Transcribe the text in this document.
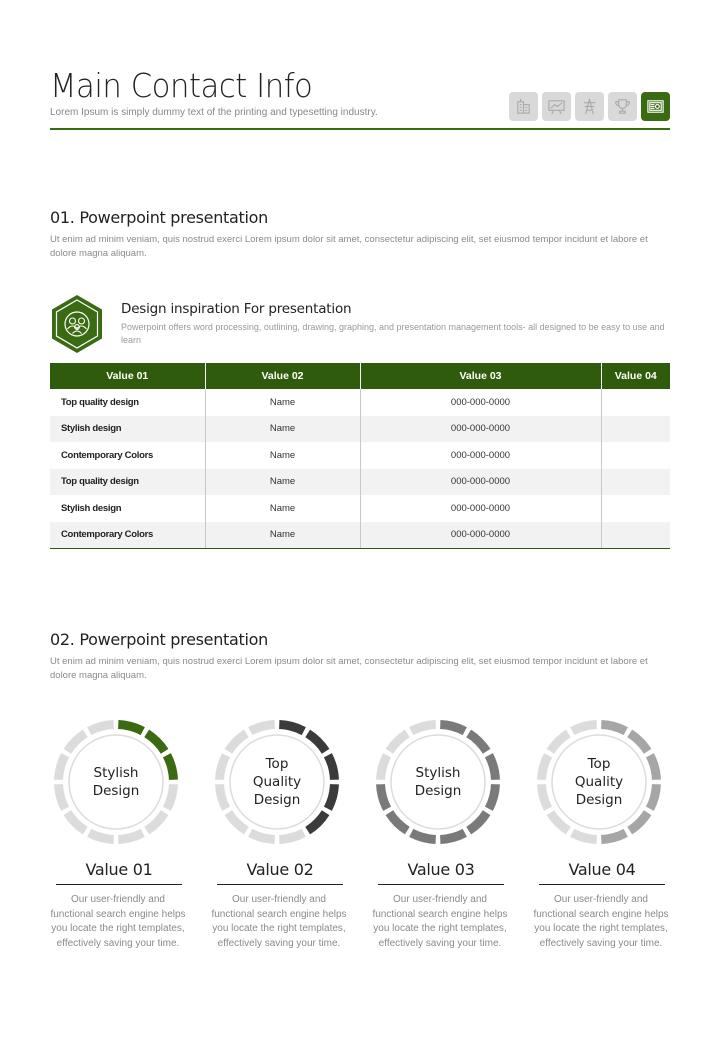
Main Contact Info
Lorem Ipsum is simply dummy text of the printing and typesetting industry.
01. Powerpoint presentation
Ut enim ad minim veniam, quis nostrud exerci Lorem ipsum dolor sit amet, consectetur adipiscing elit, set eiusmod tempor incidunt et labore et dolore magna aliquam.
Design inspiration For presentation
Powerpoint offers word processing, outlining, drawing, graphing, and presentation management tools- all designed to be easy to use and learn
Value 01	Value 02	Value 03	Value 04
Top quality design	Name	000-000-0000	
Stylish design	Name	000-000-0000	
Contemporary Colors	Name	000-000-0000	
Top quality design	Name	000-000-0000	
Stylish design	Name	000-000-0000	
Contemporary Colors	Name	000-000-0000	
02. Powerpoint presentation
Ut enim ad minim veniam, quis nostrud exerci Lorem ipsum dolor sit amet, consectetur adipiscing elit, set eiusmod tempor incidunt et labore et dolore magna aliquam.
Stylish
Design
Value 01
Our user-friendly and functional search engine helps you locate the right templates, effectively saving your time.
Top
Quality
Design
Value 02
Our user-friendly and functional search engine helps you locate the right templates, effectively saving your time.
Stylish
Design
Value 03
Our user-friendly and functional search engine helps you locate the right templates, effectively saving your time.
Top
Quality
Design
Value 04
Our user-friendly and functional search engine helps you locate the right templates, effectively saving your time.
